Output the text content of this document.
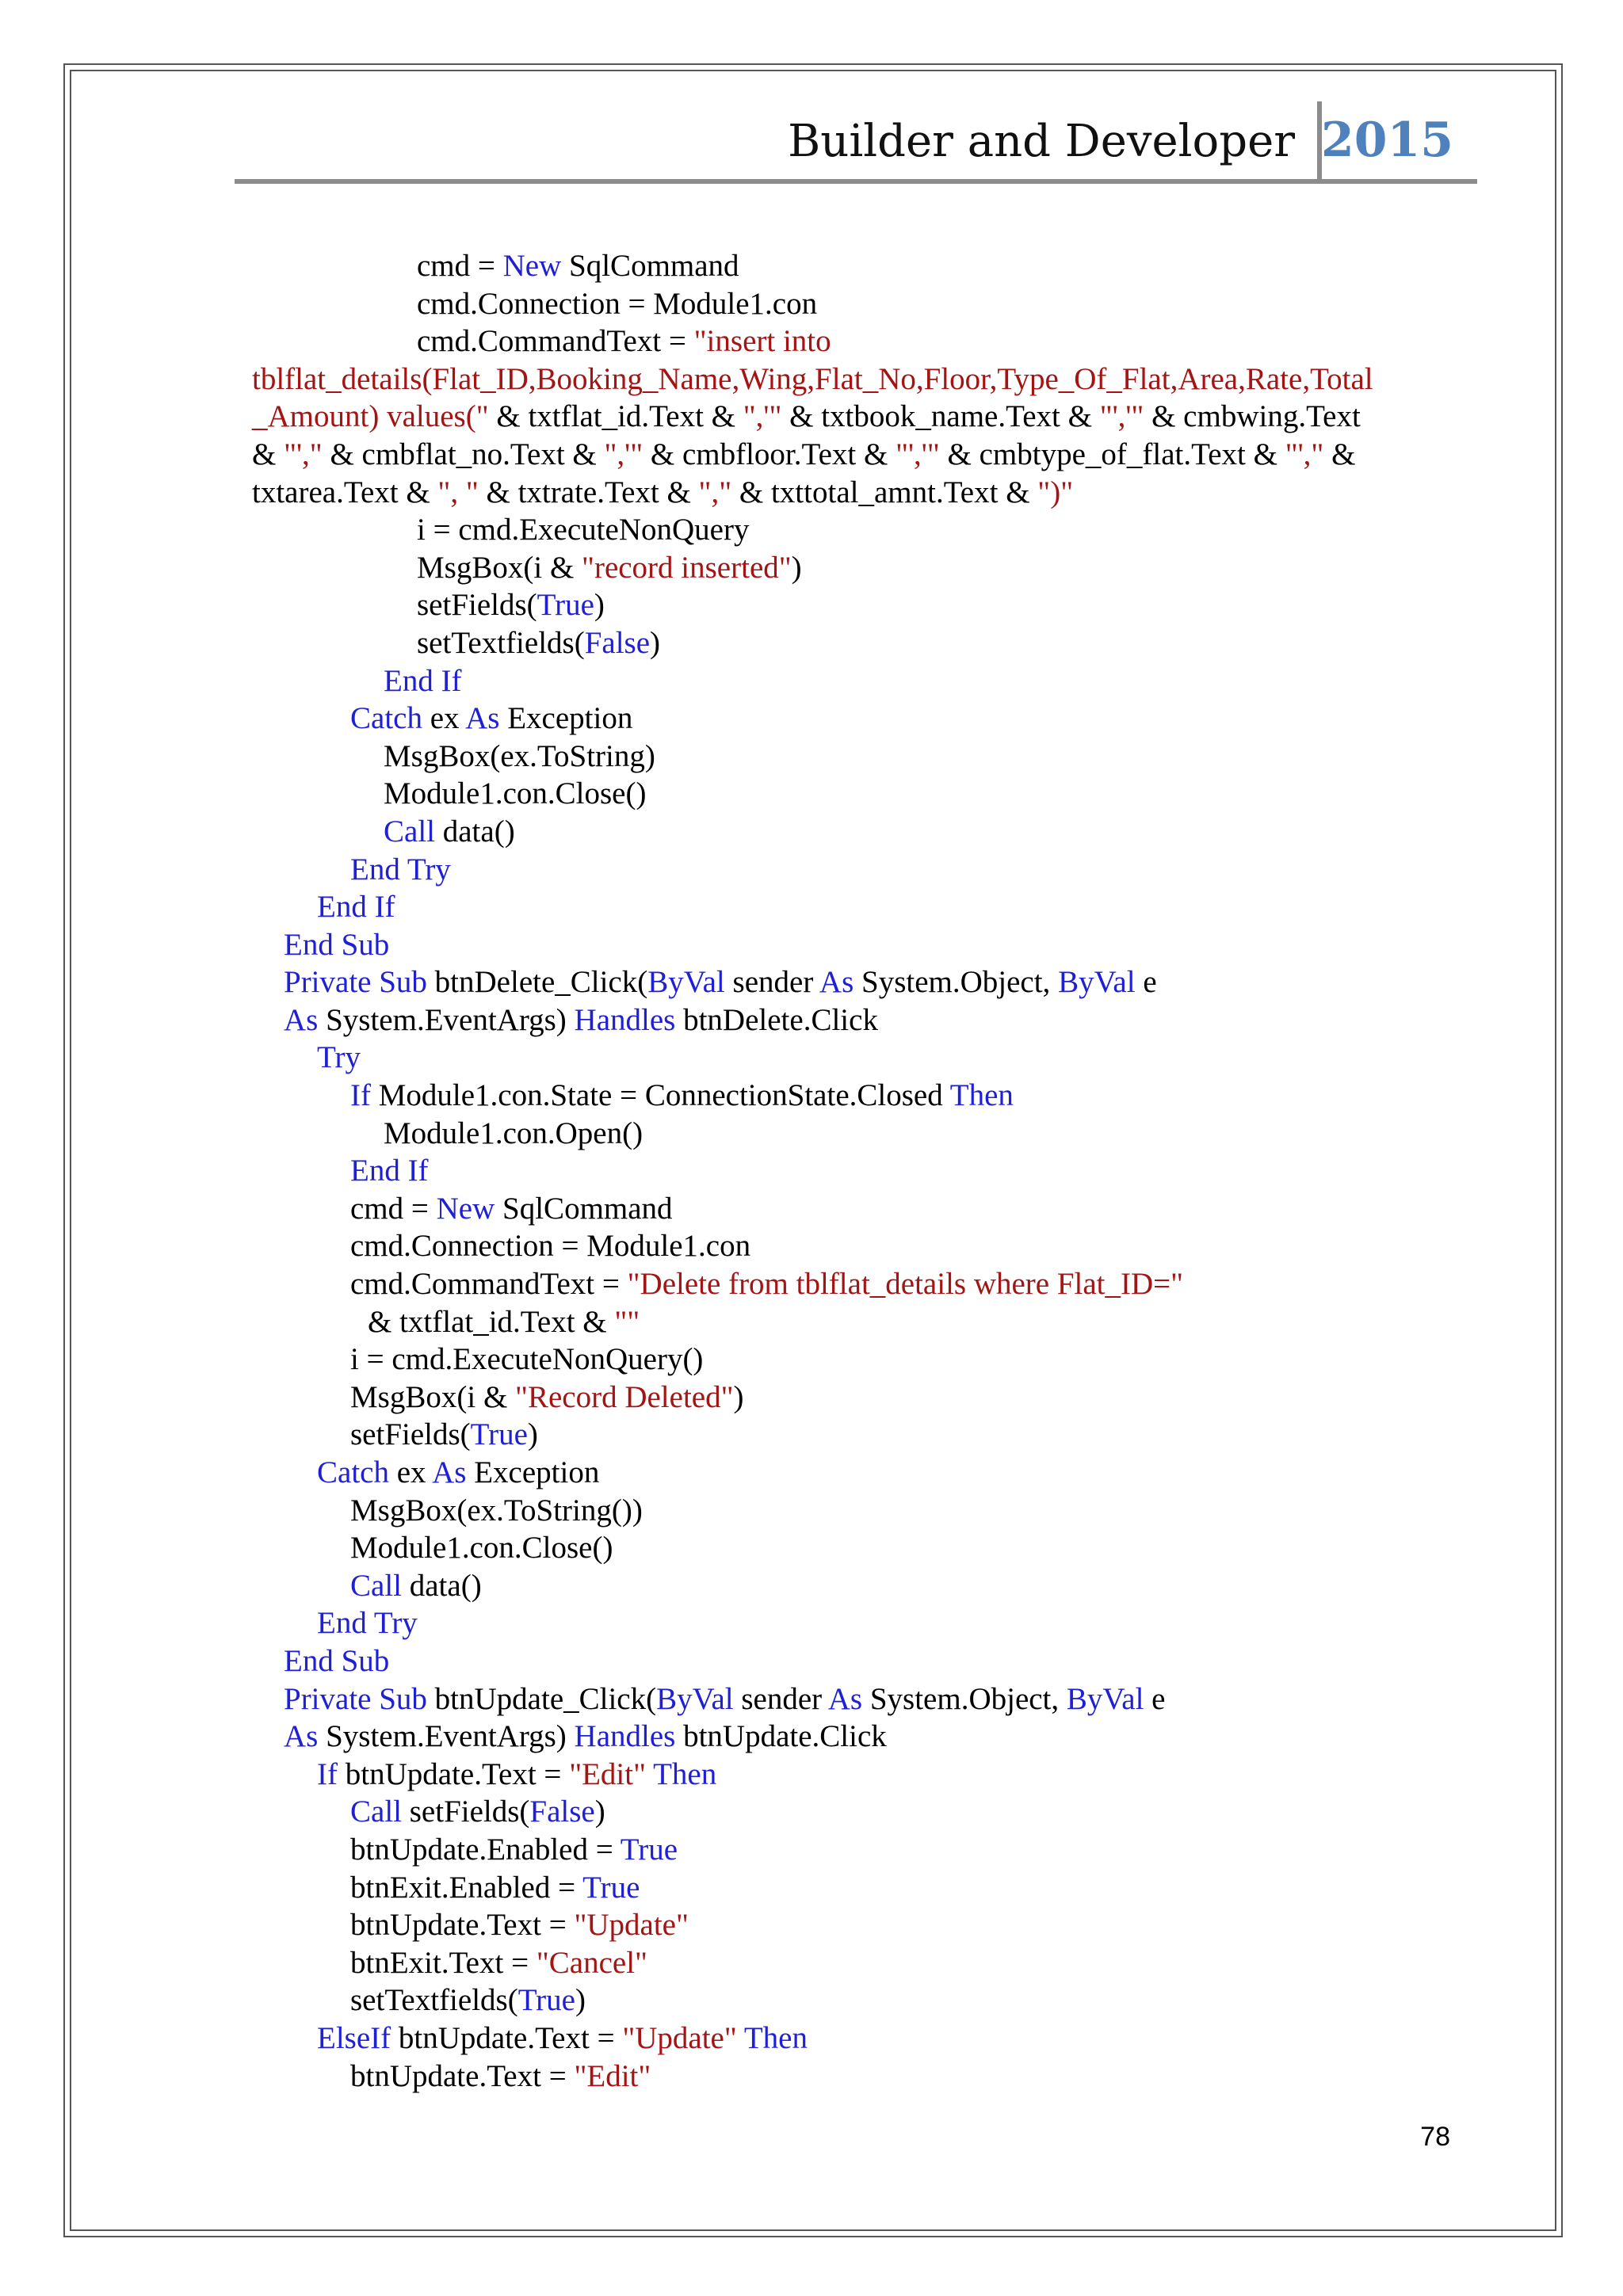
Builder and Developer 2015
cmd = New SqlCommand
cmd.Connection = Module1.con
cmd.CommandText = "insert into
tblflat_details(Flat_ID,Booking_Name,Wing,Flat_No,Floor,Type_Of_Flat,Area,Rate,Total
_Amount) values(" & txtflat_id.Text & ",'" & txtbook_name.Text & "','" & cmbwing.Text
& "'," & cmbflat_no.Text & ",'" & cmbfloor.Text & "','" & cmbtype_of_flat.Text & "'," &
txtarea.Text & ", " & txtrate.Text & "," & txttotal_amnt.Text & ")"
i = cmd.ExecuteNonQuery
MsgBox(i & "record inserted")
setFields(True)
setTextfields(False)
End If
Catch ex As Exception
MsgBox(ex.ToString)
Module1.con.Close()
Call data()
End Try
End If
End Sub
Private Sub btnDelete_Click(ByVal sender As System.Object, ByVal e
As System.EventArgs) Handles btnDelete.Click
Try
If Module1.con.State = ConnectionState.Closed Then
Module1.con.Open()
End If
cmd = New SqlCommand
cmd.Connection = Module1.con
cmd.CommandText = "Delete from tblflat_details where Flat_ID="
& txtflat_id.Text & ""
i = cmd.ExecuteNonQuery()
MsgBox(i & "Record Deleted")
setFields(True)
Catch ex As Exception
MsgBox(ex.ToString())
Module1.con.Close()
Call data()
End Try
End Sub
Private Sub btnUpdate_Click(ByVal sender As System.Object, ByVal e
As System.EventArgs) Handles btnUpdate.Click
If btnUpdate.Text = "Edit" Then
Call setFields(False)
btnUpdate.Enabled = True
btnExit.Enabled = True
btnUpdate.Text = "Update"
btnExit.Text = "Cancel"
setTextfields(True)
ElseIf btnUpdate.Text = "Update" Then
btnUpdate.Text = "Edit"
78
